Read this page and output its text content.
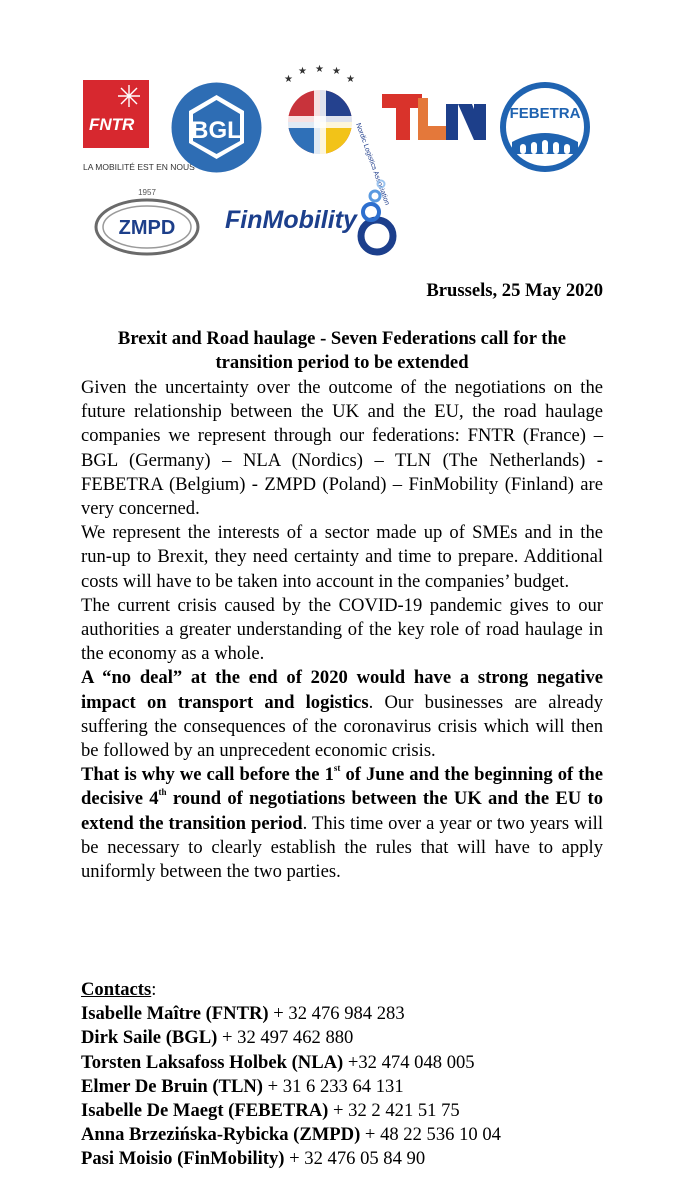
FNTR
LA MOBILITÉ EST EN NOUS
BGL
★
★ ★ ★
★
Nordic Logistics Association
FEBETRA
1957
ZMPD FinMobility
Brussels, 25 May 2020
Brexit and Road haulage - Seven Federations call for the
transition period to be extended

Given the uncertainty over the outcome of the negotiations on the future relationship between the UK and the EU, the road haulage companies we represent through our federations: FNTR (France) – BGL (Germany) – NLA (Nordics) – TLN (The Netherlands) - FEBETRA (Belgium) - ZMPD (Poland) – FinMobility (Finland) are very concerned.

We represent the interests of a sector made up of SMEs and in the run-up to Brexit, they need certainty and time to prepare. Additional costs will have to be taken into account in the companies’ budget.

The current crisis caused by the COVID-19 pandemic gives to our authorities a greater understanding of the key role of road haulage in the economy as a whole.

A “no deal” at the end of 2020 would have a strong negative impact on transport and logistics. Our businesses are already suffering the consequences of the coronavirus crisis which will then be followed by an unprecedent economic crisis.

That is why we call before the 1st of June and the beginning of the decisive 4th round of negotiations between the UK and the EU to extend the transition period. This time over a year or two years will be necessary to clearly establish the rules that will have to apply uniformly between the two parties.

Contacts:
Isabelle Maître (FNTR) + 32 476 984 283
Dirk Saile (BGL) + 32 497 462 880
Torsten Laksafoss Holbek (NLA) +32 474 048 005
Elmer De Bruin (TLN) + 31 6 233 64 131
Isabelle De Maegt (FEBETRA) + 32 2 421 51 75
Anna Brzezińska-Rybicka (ZMPD) + 48 22 536 10 04
Pasi Moisio (FinMobility) + 32 476 05 84 90
